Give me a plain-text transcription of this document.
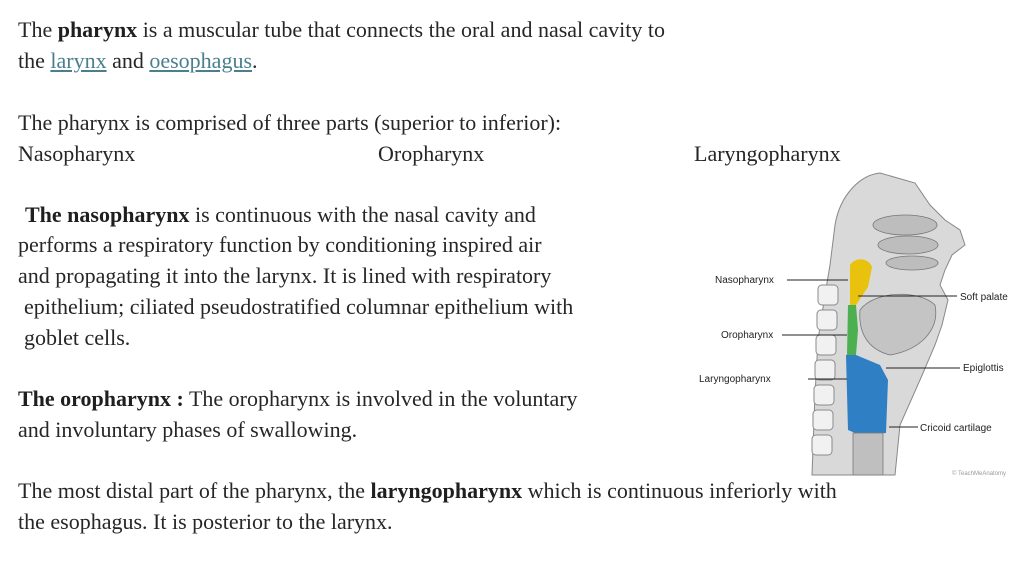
The pharynx is a muscular tube that connects the oral and nasal cavity to
the larynx and oesophagus.
The pharynx is comprised of three parts (superior to inferior):
Nasopharynx	Oropharynx	Laryngopharynx
The nasopharynx is continuous with the nasal cavity and
performs a respiratory function by conditioning inspired air
and propagating it into the larynx. It is lined with respiratory
epithelium; ciliated pseudostratified columnar epithelium with
goblet cells.
The oropharynx : The oropharynx is involved in the voluntary
and involuntary phases of swallowing.
The most distal part of the pharynx, the laryngopharynx which is continuous inferiorly with
the esophagus. It is posterior to the larynx.
Nasopharynx
Oropharynx
Laryngopharynx
Soft palate
Epiglottis
Cricoid cartilage
© TeachMeAnatomy
